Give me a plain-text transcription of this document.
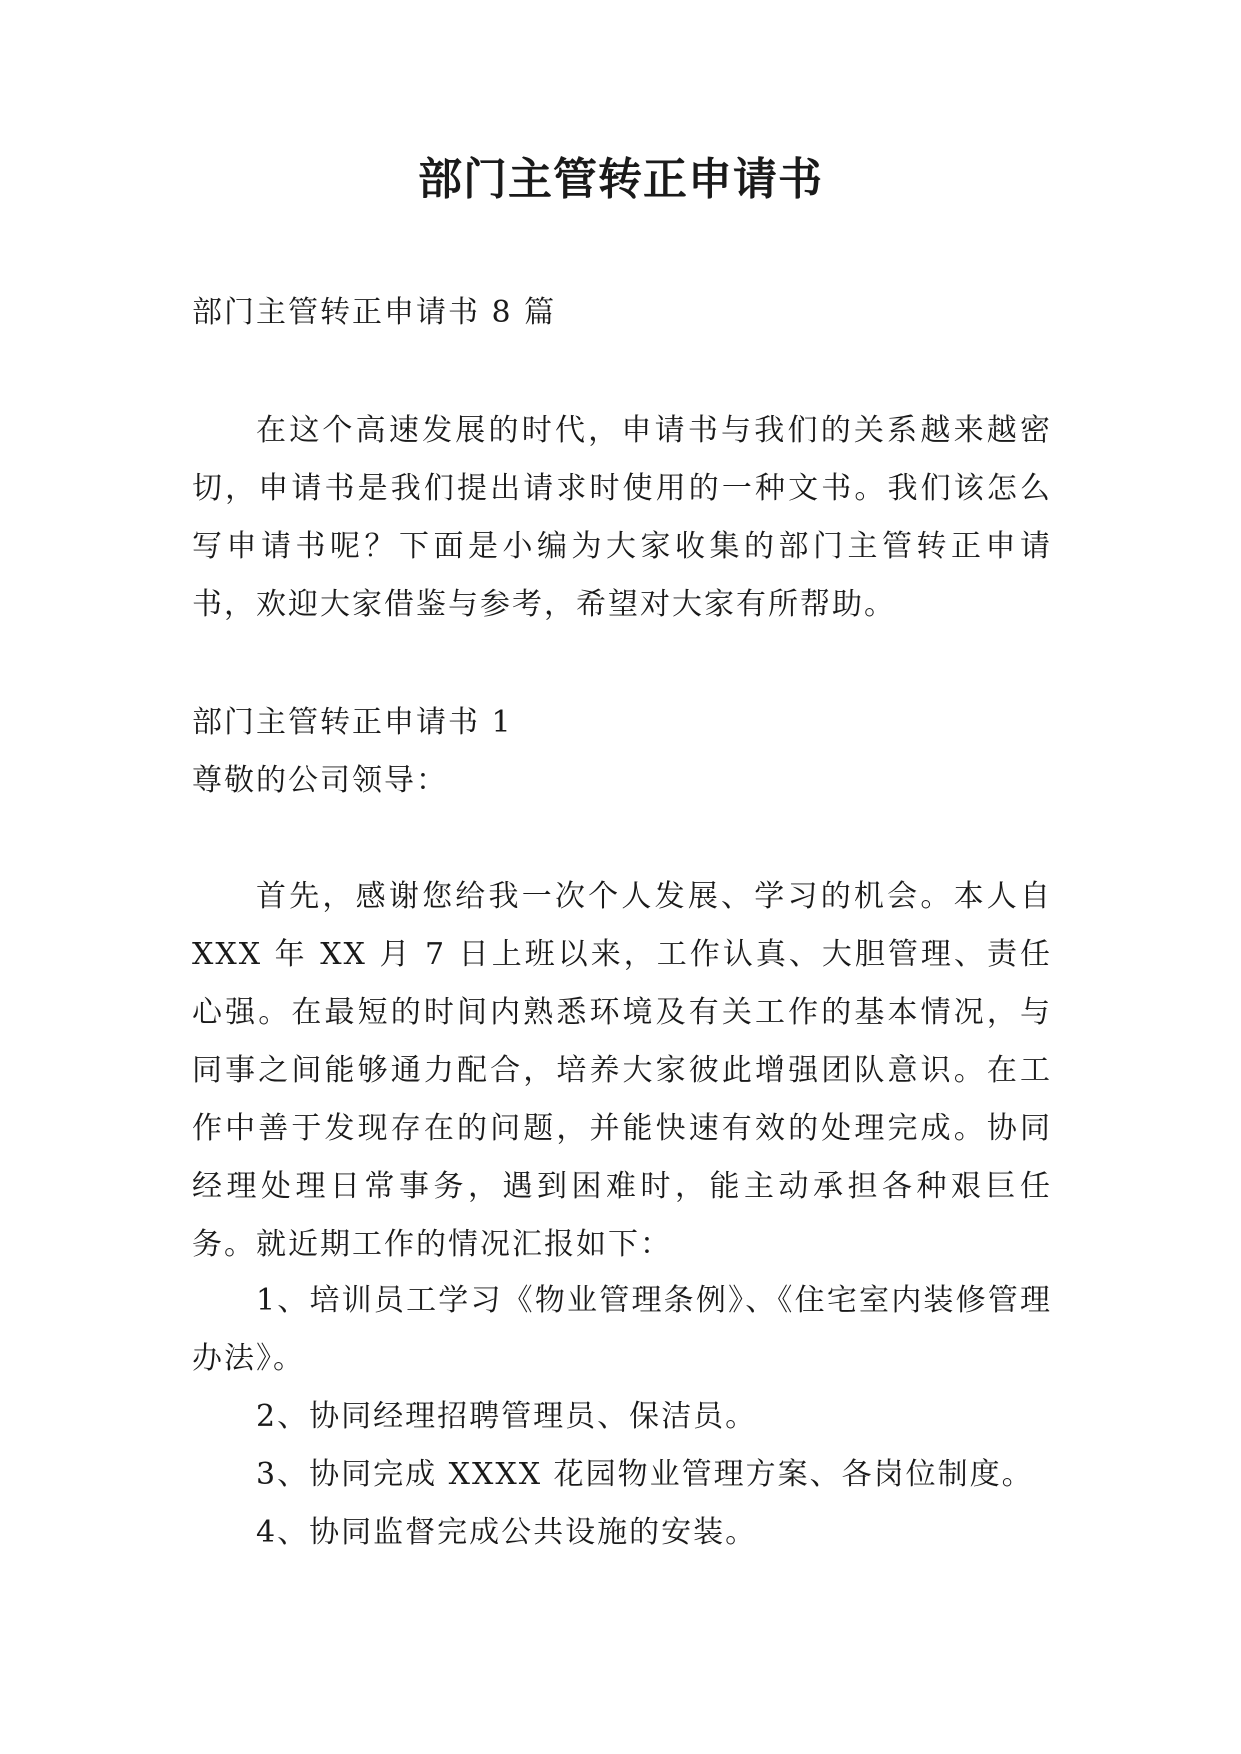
部门主管转正申请书

部门主管转正申请书 8 篇

在这个高速发展的时代，申请书与我们的关系越来越密切，申请书是我们提出请求时使用的一种文书。我们该怎么写申请书呢？下面是小编为大家收集的部门主管转正申请书，欢迎大家借鉴与参考，希望对大家有所帮助。

部门主管转正申请书 1

尊敬的公司领导：

首先，感谢您给我一次个人发展、学习的机会。本人自 XXX 年 XX 月 7 日上班以来，工作认真、大胆管理、责任心强。在最短的时间内熟悉环境及有关工作的基本情况，与同事之间能够通力配合，培养大家彼此增强团队意识。在工作中善于发现存在的问题，并能快速有效的处理完成。协同经理处理日常事务，遇到困难时，能主动承担各种艰巨任务。就近期工作的情况汇报如下：

1、培训员工学习《物业管理条例》、《住宅室内装修管理办法》。

2、协同经理招聘管理员、保洁员。

3、协同完成 XXXX 花园物业管理方案、各岗位制度。

4、协同监督完成公共设施的安装。
